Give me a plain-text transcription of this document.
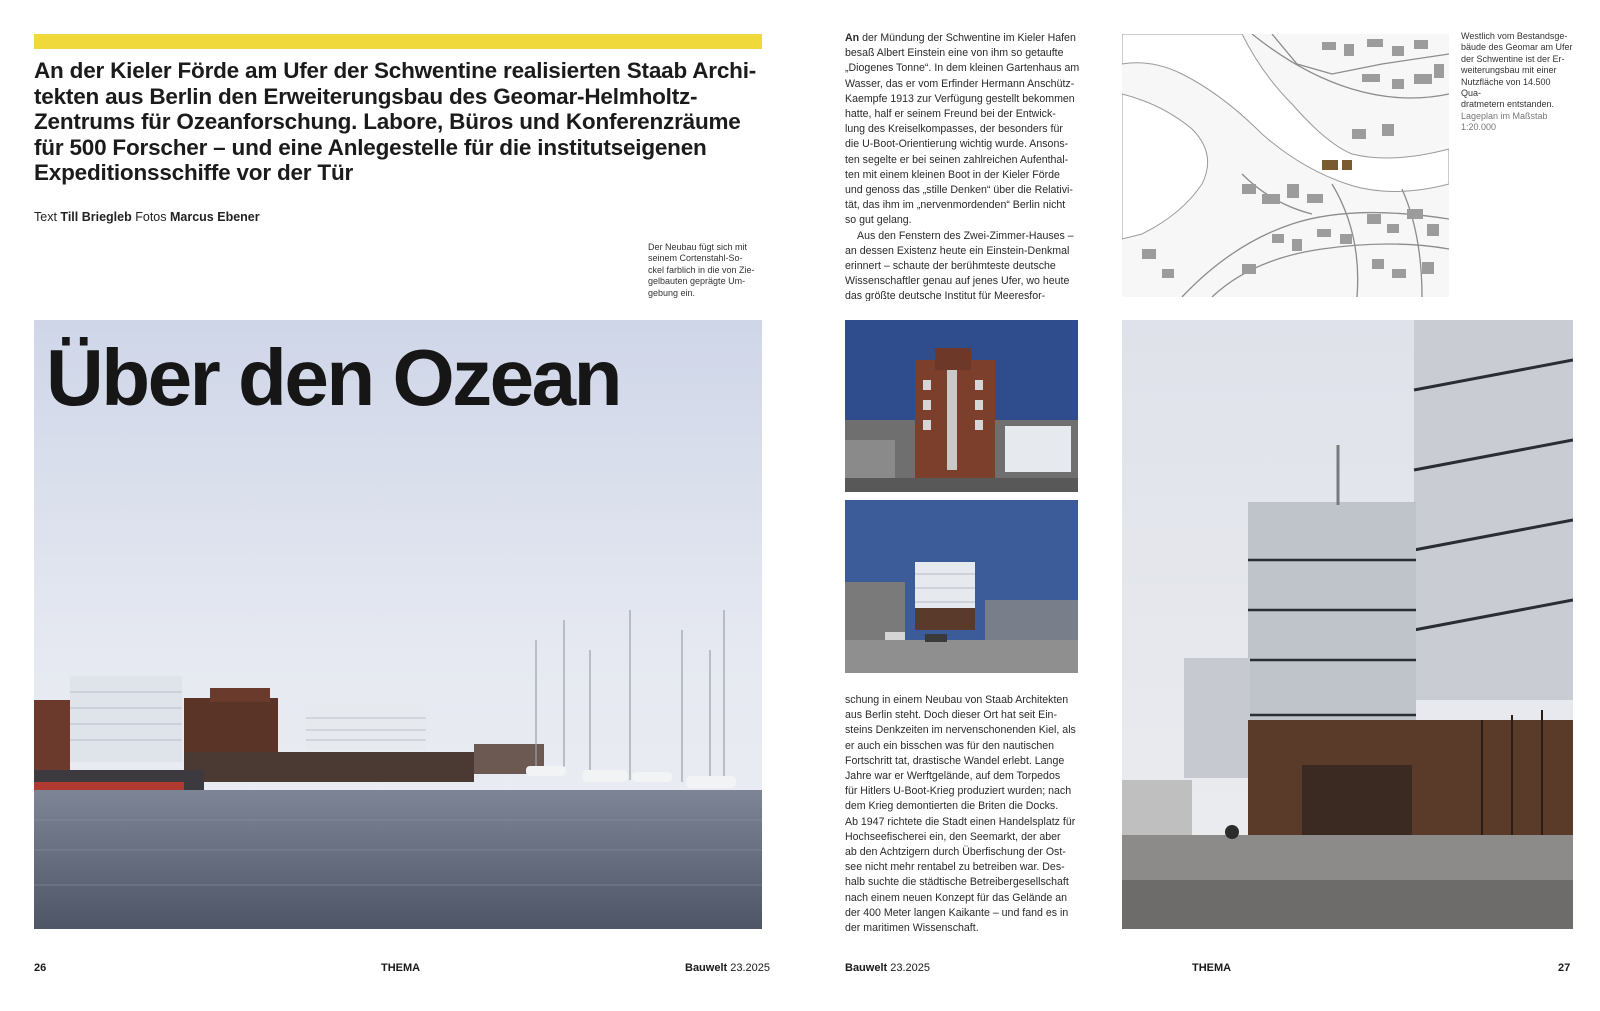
An der Kieler Förde am Ufer der Schwentine realisierten Staab Archi-
tekten aus Berlin den Erweiterungsbau des Geomar-Helmholtz-
Zentrums für Ozeanforschung. Labore, Büros und Konferenzräume
für 500 Forscher – und eine Anlegestelle für die institutseigenen
Expeditionsschiffe vor der Tür
Text Till Briegleb Fotos Marcus Ebener
Der Neubau fügt sich mit
seinem Cortenstahl-So-
ckel farblich in die von Zie-
gelbauten geprägte Um-
gebung ein.
Über den Ozean
26	THEMA	Bauwelt 23.2025
An der Mündung der Schwentine im Kieler Hafen
besaß Albert Einstein eine von ihm so getaufte
„Diogenes Tonne“. In dem kleinen Gartenhaus am
Wasser, das er vom Erfinder Hermann Anschütz-
Kaempfe 1913 zur Verfügung gestellt bekommen
hatte, half er seinem Freund bei der Entwick-
lung des Kreiselkompasses, der besonders für
die U-Boot-Orientierung wichtig wurde. Ansons-
ten segelte er bei seinen zahlreichen Aufenthal-
ten mit einem kleinen Boot in der Kieler Förde
und genoss das „stille Denken“ über die Relativi-
tät, das ihm im „nervenmordenden“ Berlin nicht
so gut gelang.
Aus den Fenstern des Zwei-Zimmer-Hauses –
an dessen Existenz heute ein Einstein-Denkmal
erinnert – schaute der berühmteste deutsche
Wissenschaftler genau auf jenes Ufer, wo heute
das größte deutsche Institut für Meeresfor-
Westlich vom Bestandsge-
bäude des Geomar am Ufer
der Schwentine ist der Er-
weiterungsbau mit einer
Nutzfläche von 14.500 Qua-
dratmetern entstanden.
Lageplan im Maßstab
1:20.000
schung in einem Neubau von Staab Architekten
aus Berlin steht. Doch dieser Ort hat seit Ein-
steins Denkzeiten im nervenschonenden Kiel, als
er auch ein bisschen was für den nautischen
Fortschritt tat, drastische Wandel erlebt. Lange
Jahre war er Werftgelände, auf dem Torpedos
für Hitlers U-Boot-Krieg produziert wurden; nach
dem Krieg demontierten die Briten die Docks.
Ab 1947 richtete die Stadt einen Handelsplatz für
Hochseefischerei ein, den Seemarkt, der aber
ab den Achtzigern durch Überfischung der Ost-
see nicht mehr rentabel zu betreiben war. Des-
halb suchte die städtische Betreibergesellschaft
nach einem neuen Konzept für das Gelände an
der 400 Meter langen Kaikante – und fand es in
der maritimen Wissenschaft.
Bauwelt 23.2025	THEMA	27
